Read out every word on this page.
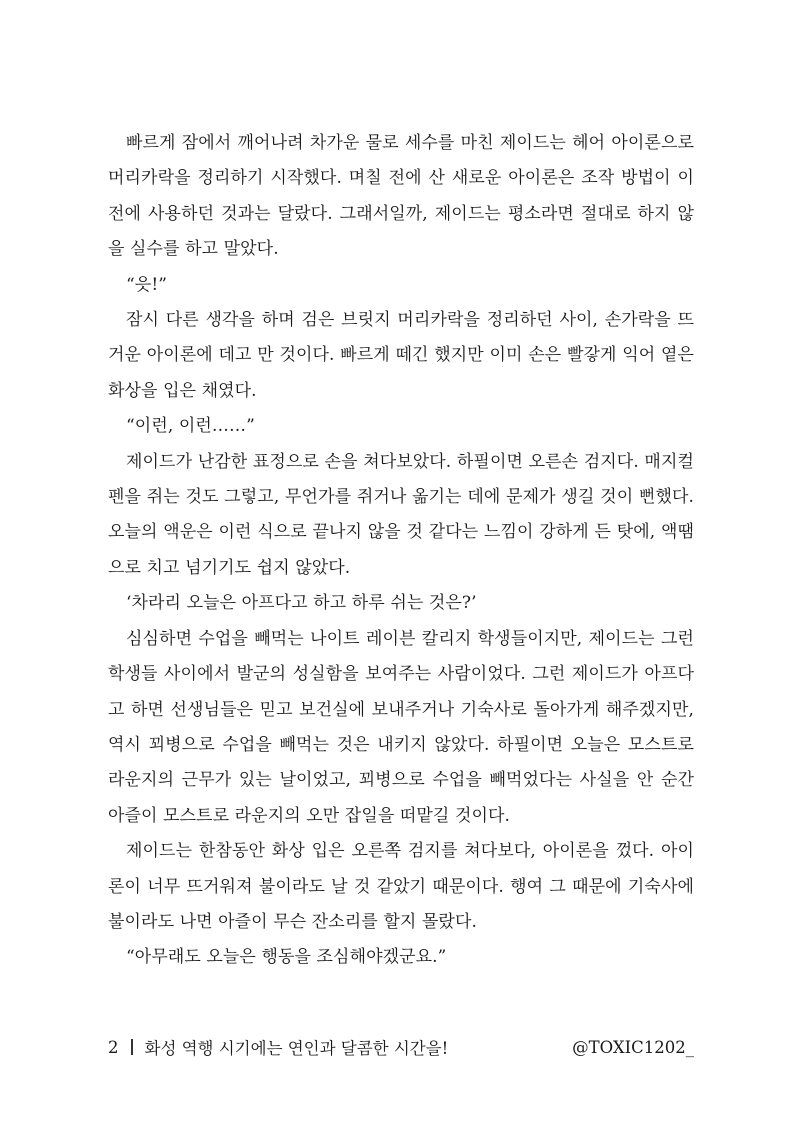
빠르게 잠에서 깨어나려 차가운 물로 세수를 마친 제이드는 헤어 아이론으로 머리카락을 정리하기 시작했다. 며칠 전에 산 새로운 아이론은 조작 방법이 이전에 사용하던 것과는 달랐다. 그래서일까, 제이드는 평소라면 절대로 하지 않을 실수를 하고 말았다.

“읏!”

잠시 다른 생각을 하며 검은 브릿지 머리카락을 정리하던 사이, 손가락을 뜨거운 아이론에 데고 만 것이다. 빠르게 떼긴 했지만 이미 손은 빨갛게 익어 옅은 화상을 입은 채였다.

“이런, 이런……”

제이드가 난감한 표정으로 손을 쳐다보았다. 하필이면 오른손 검지다. 매지컬 펜을 쥐는 것도 그렇고, 무언가를 쥐거나 옮기는 데에 문제가 생길 것이 뻔했다. 오늘의 액운은 이런 식으로 끝나지 않을 것 같다는 느낌이 강하게 든 탓에, 액땜으로 치고 넘기기도 쉽지 않았다.

‘차라리 오늘은 아프다고 하고 하루 쉬는 것은?’

심심하면 수업을 빼먹는 나이트 레이븐 칼리지 학생들이지만, 제이드는 그런 학생들 사이에서 발군의 성실함을 보여주는 사람이었다. 그런 제이드가 아프다고 하면 선생님들은 믿고 보건실에 보내주거나 기숙사로 돌아가게 해주겠지만, 역시 꾀병으로 수업을 빼먹는 것은 내키지 않았다. 하필이면 오늘은 모스트로 라운지의 근무가 있는 날이었고, 꾀병으로 수업을 빼먹었다는 사실을 안 순간 아즐이 모스트로 라운지의 오만 잡일을 떠맡길 것이다.

제이드는 한참동안 화상 입은 오른쪽 검지를 쳐다보다, 아이론을 껐다. 아이론이 너무 뜨거워져 불이라도 날 것 같았기 때문이다. 행여 그 때문에 기숙사에 불이라도 나면 아즐이 무슨 잔소리를 할지 몰랐다.

“아무래도 오늘은 행동을 조심해야겠군요.”

2 화성 역행 시기에는 연인과 달콤한 시간을!	@TOXIC1202_
